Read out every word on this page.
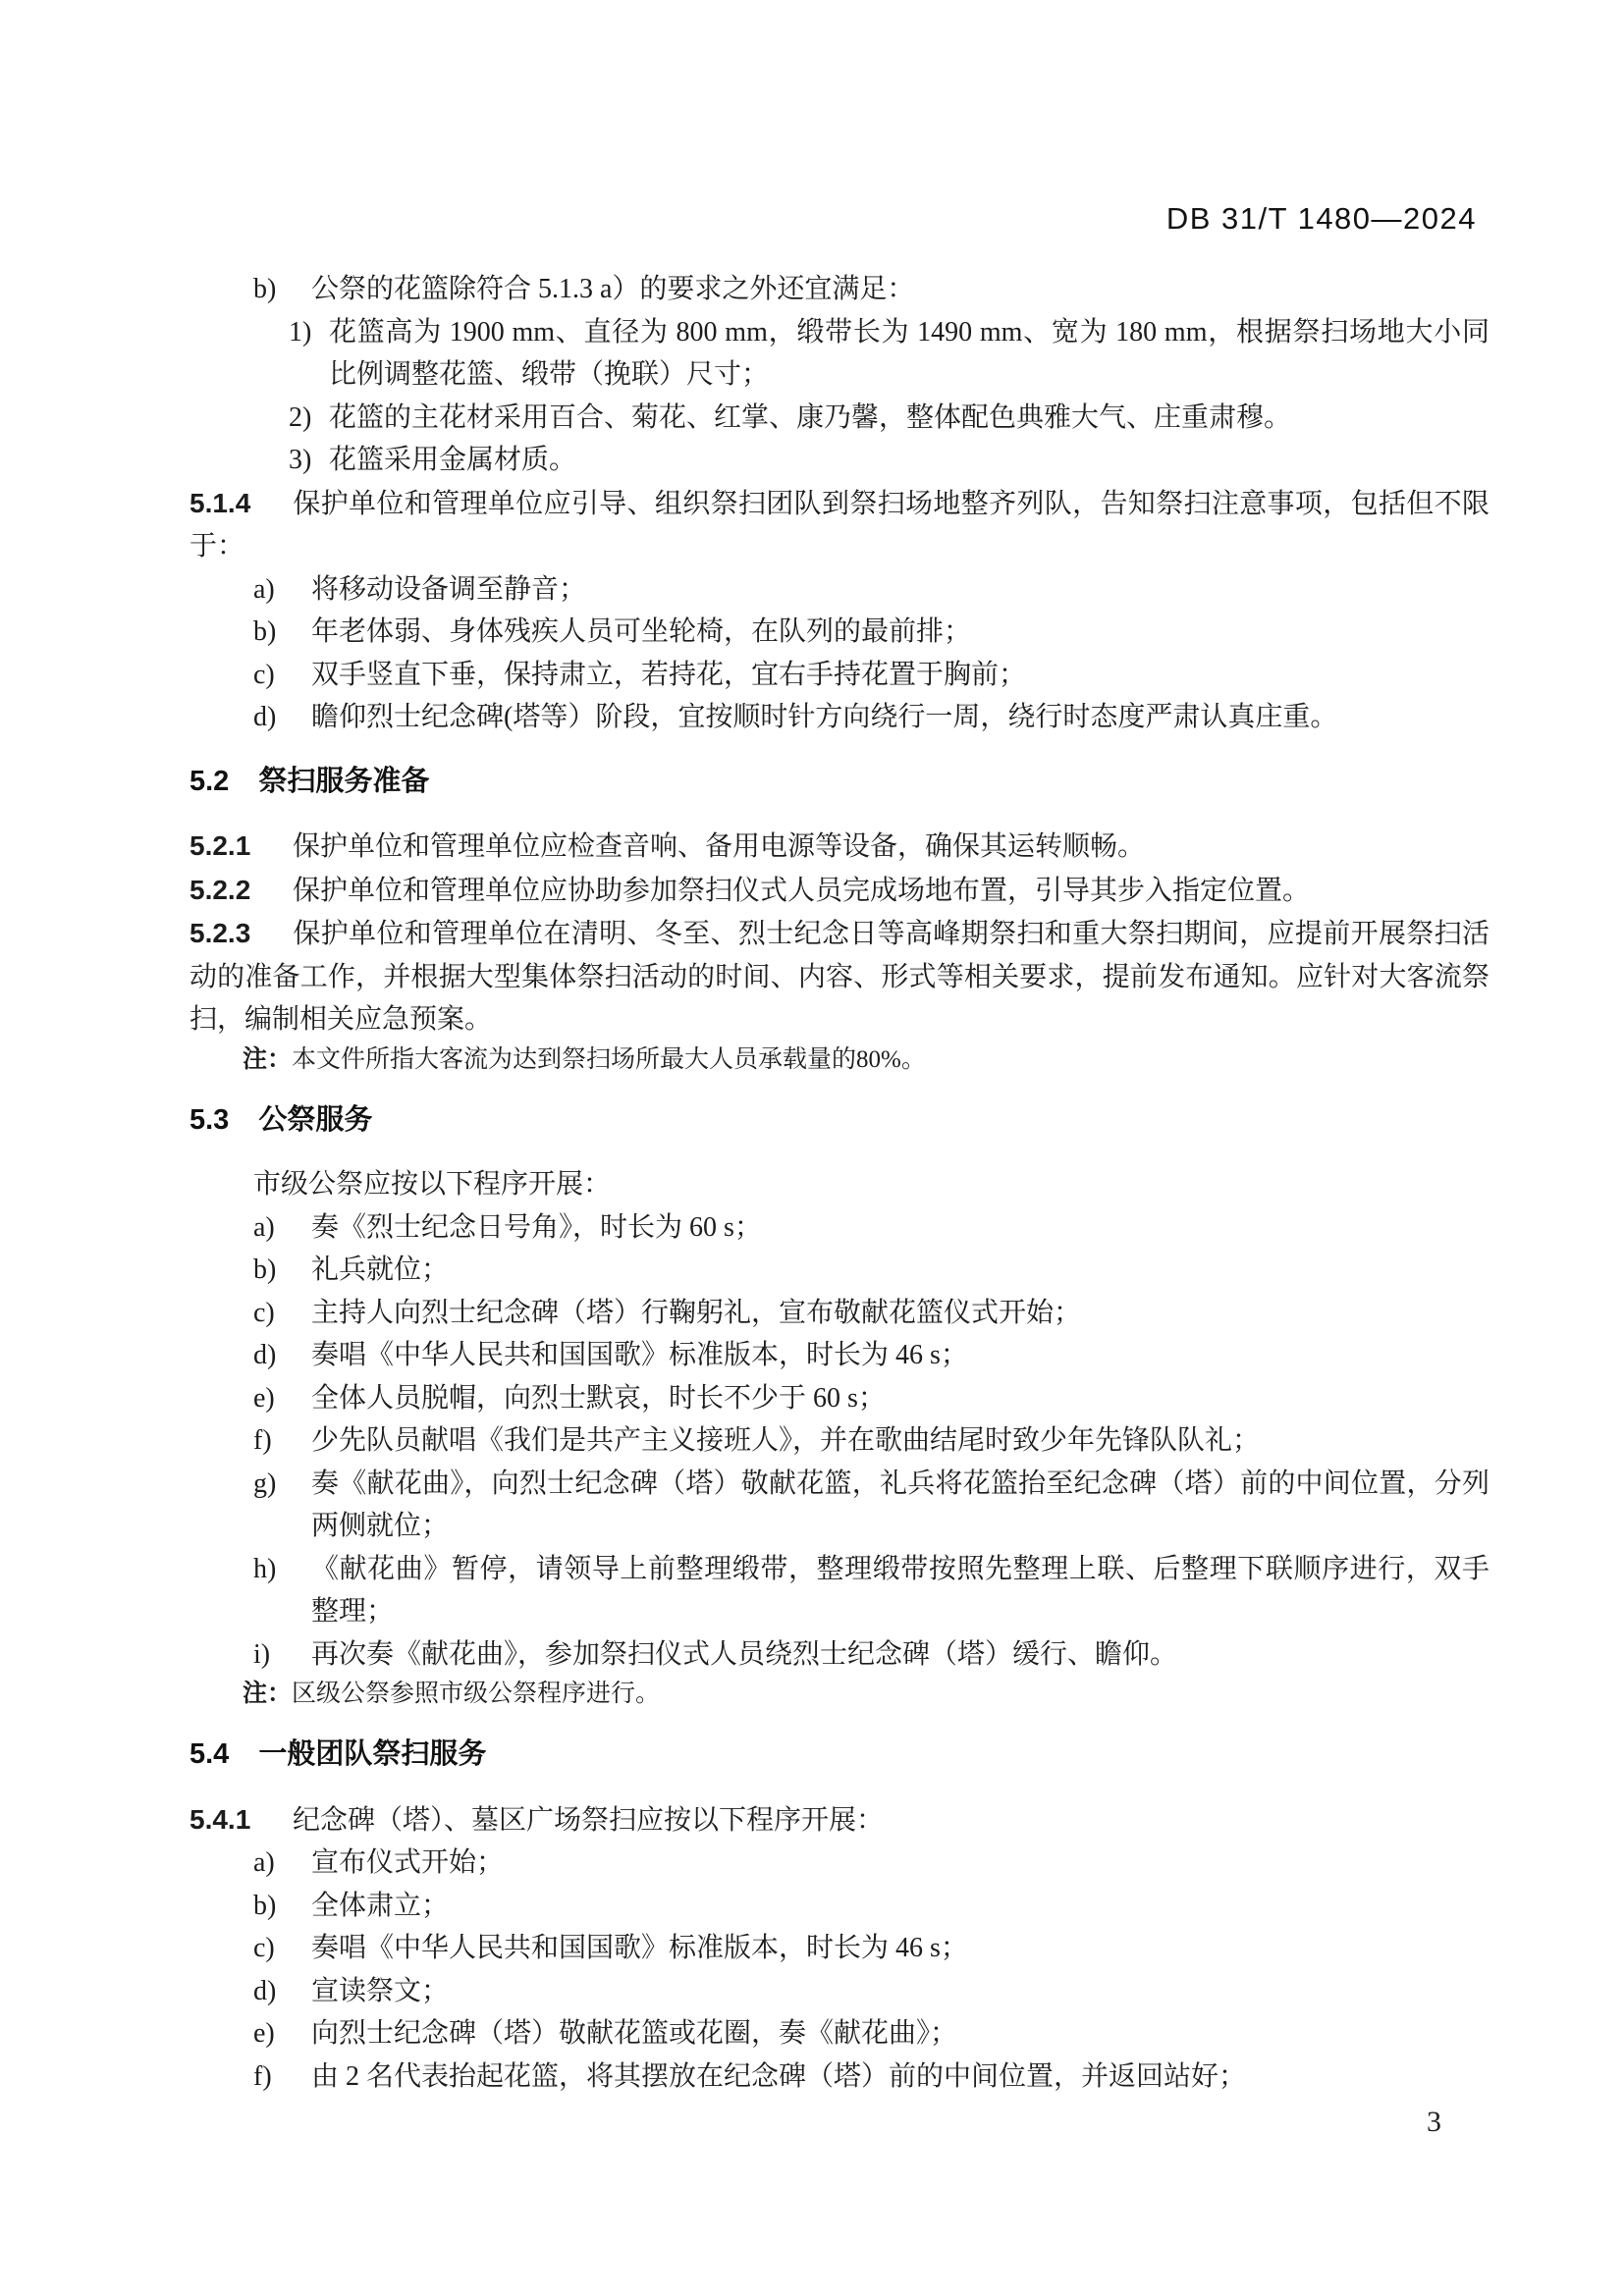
DB 31/T 1480—2024
b) 公祭的花篮除符合 5.1.3 a）的要求之外还宜满足：
1) 花篮高为 1900 mm、直径为 800 mm，缎带长为 1490 mm、宽为 180 mm，根据祭扫场地大小同比例调整花篮、缎带（挽联）尺寸；
2) 花篮的主花材采用百合、菊花、红掌、康乃馨，整体配色典雅大气、庄重肃穆。
3) 花篮采用金属材质。

5.1.4 保护单位和管理单位应引导、组织祭扫团队到祭扫场地整齐列队，告知祭扫注意事项，包括但不限于：

a) 将移动设备调至静音；
b) 年老体弱、身体残疾人员可坐轮椅，在队列的最前排；
c) 双手竖直下垂，保持肃立，若持花，宜右手持花置于胸前；
d) 瞻仰烈士纪念碑(塔等）阶段，宜按顺时针方向绕行一周，绕行时态度严肃认真庄重。
5.2 祭扫服务准备

5.2.1 保护单位和管理单位应检查音响、备用电源等设备，确保其运转顺畅。

5.2.2 保护单位和管理单位应协助参加祭扫仪式人员完成场地布置，引导其步入指定位置。

5.2.3 保护单位和管理单位在清明、冬至、烈士纪念日等高峰期祭扫和重大祭扫期间，应提前开展祭扫活动的准备工作，并根据大型集体祭扫活动的时间、内容、形式等相关要求，提前发布通知。应针对大客流祭扫，编制相关应急预案。

注：本文件所指大客流为达到祭扫场所最大人员承载量的80%。

5.3 公祭服务

市级公祭应按以下程序开展：

a) 奏《烈士纪念日号角》，时长为 60 s；
b) 礼兵就位；
c) 主持人向烈士纪念碑（塔）行鞠躬礼，宣布敬献花篮仪式开始；
d) 奏唱《中华人民共和国国歌》标准版本，时长为 46 s；
e) 全体人员脱帽，向烈士默哀，时长不少于 60 s；
f) 少先队员献唱《我们是共产主义接班人》，并在歌曲结尾时致少年先锋队队礼；
g) 奏《献花曲》，向烈士纪念碑（塔）敬献花篮，礼兵将花篮抬至纪念碑（塔）前的中间位置，分列两侧就位；
h) 《献花曲》暂停，请领导上前整理缎带，整理缎带按照先整理上联、后整理下联顺序进行，双手整理；
i) 再次奏《献花曲》，参加祭扫仪式人员绕烈士纪念碑（塔）缓行、瞻仰。

注：区级公祭参照市级公祭程序进行。

5.4 一般团队祭扫服务

5.4.1 纪念碑（塔）、墓区广场祭扫应按以下程序开展：

a) 宣布仪式开始；
b) 全体肃立；
c) 奏唱《中华人民共和国国歌》标准版本，时长为 46 s；
d) 宣读祭文；
e) 向烈士纪念碑（塔）敬献花篮或花圈，奏《献花曲》；
f) 由 2 名代表抬起花篮，将其摆放在纪念碑（塔）前的中间位置，并返回站好；
3
